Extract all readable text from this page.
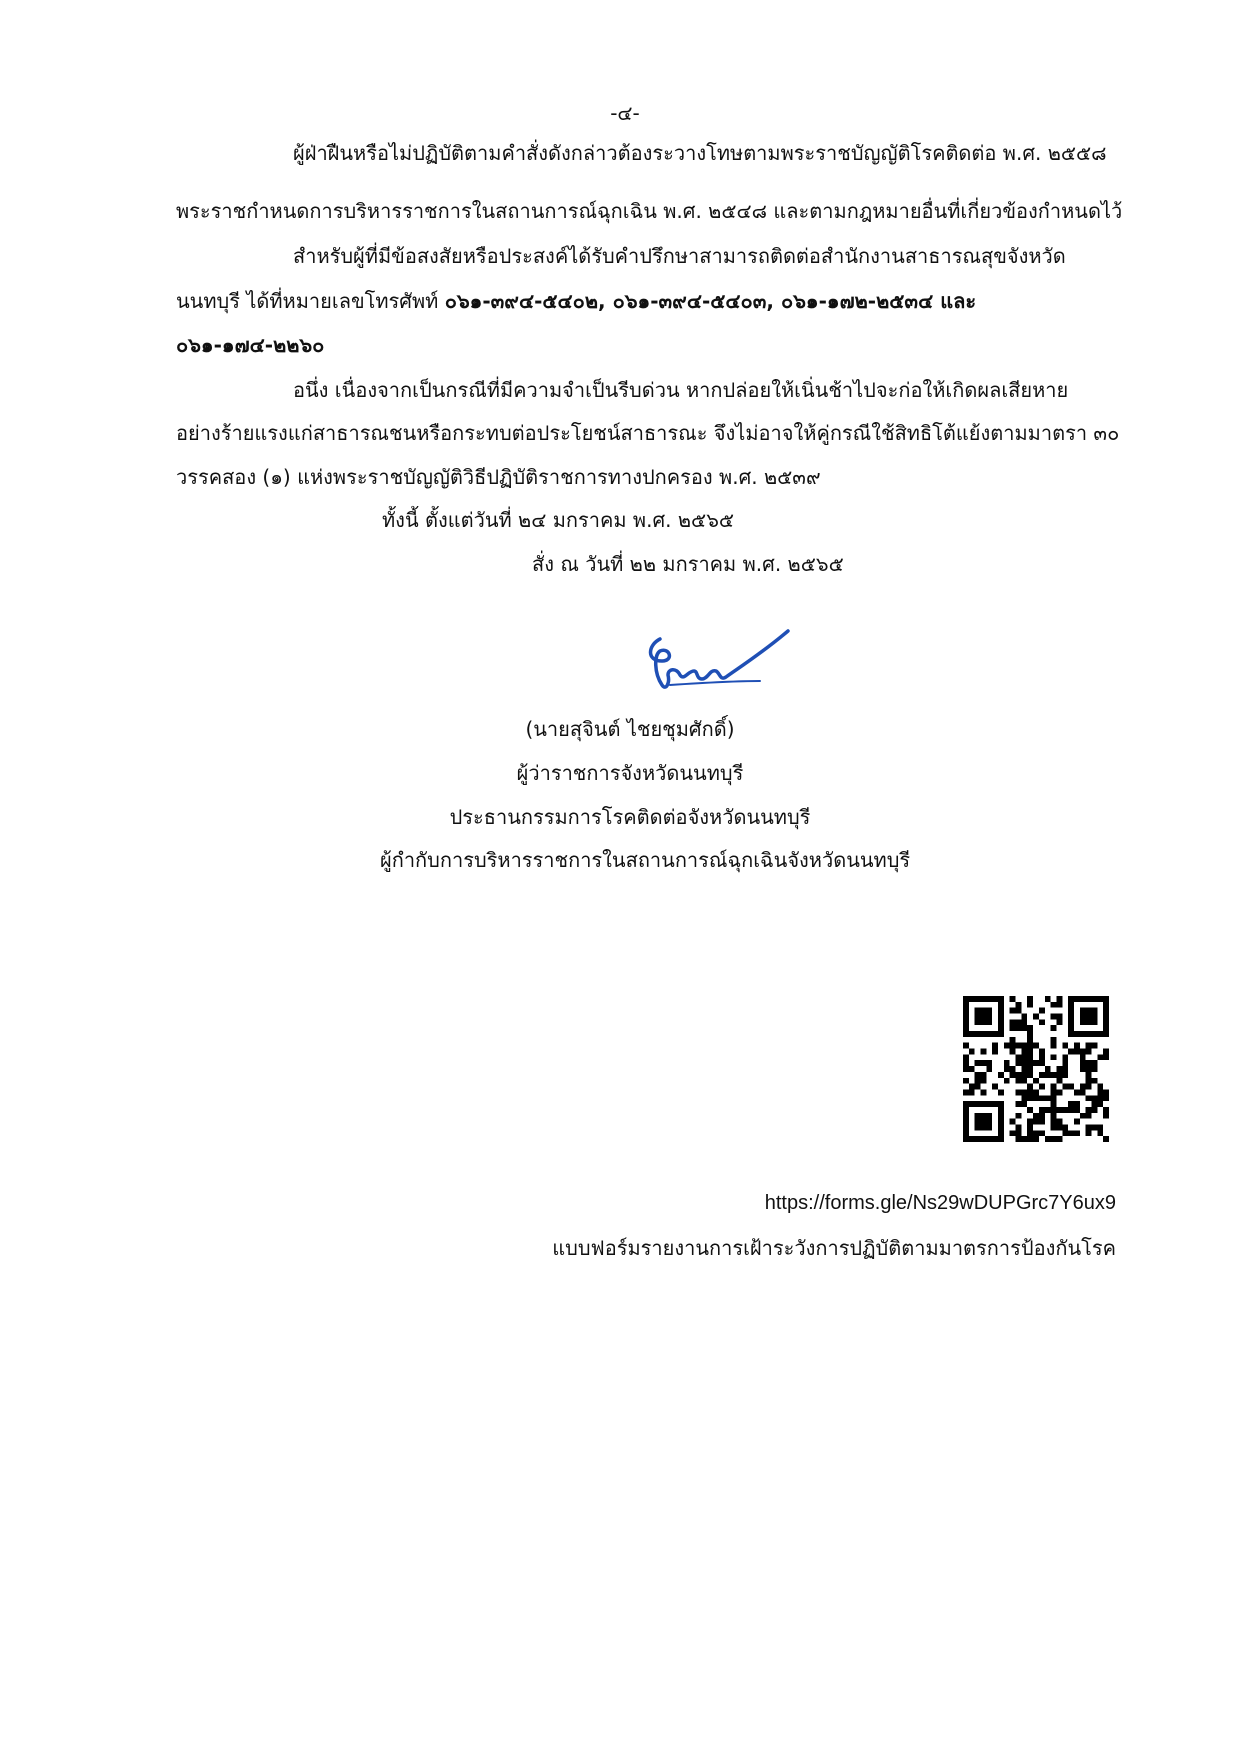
-๔-
ผู้ฝ่าฝืนหรือไม่ปฏิบัติตามคำสั่งดังกล่าวต้องระวางโทษตามพระราชบัญญัติโรคติดต่อ พ.ศ. ๒๕๕๘
พระราชกำหนดการบริหารราชการในสถานการณ์ฉุกเฉิน พ.ศ. ๒๕๔๘ และตามกฎหมายอื่นที่เกี่ยวข้องกำหนดไว้
สำหรับผู้ที่มีข้อสงสัยหรือประสงค์ได้รับคำปรึกษาสามารถติดต่อสำนักงานสาธารณสุขจังหวัด
นนทบุรี ได้ที่หมายเลขโทรศัพท์ ๐๖๑-๓๙๔-๕๔๐๒, ๐๖๑-๓๙๔-๕๔๐๓, ๐๖๑-๑๗๒-๒๕๓๔ และ
๐๖๑-๑๗๔-๒๒๖๐
อนึ่ง เนื่องจากเป็นกรณีที่มีความจำเป็นรีบด่วน หากปล่อยให้เนิ่นช้าไปจะก่อให้เกิดผลเสียหาย
อย่างร้ายแรงแก่สาธารณชนหรือกระทบต่อประโยชน์สาธารณะ จึงไม่อาจให้คู่กรณีใช้สิทธิโต้แย้งตามมาตรา ๓๐
วรรคสอง (๑) แห่งพระราชบัญญัติวิธีปฏิบัติราชการทางปกครอง พ.ศ. ๒๕๓๙
ทั้งนี้ ตั้งแต่วันที่ ๒๔ มกราคม พ.ศ. ๒๕๖๕
สั่ง ณ วันที่ ๒๒ มกราคม พ.ศ. ๒๕๖๕
(นายสุจินต์ ไชยชุมศักดิ์)
ผู้ว่าราชการจังหวัดนนทบุรี
ประธานกรรมการโรคติดต่อจังหวัดนนทบุรี
ผู้กำกับการบริหารราชการในสถานการณ์ฉุกเฉินจังหวัดนนทบุรี
https://forms.gle/Ns29wDUPGrc7Y6ux9
แบบฟอร์มรายงานการเฝ้าระวังการปฏิบัติตามมาตรการป้องกันโรค
